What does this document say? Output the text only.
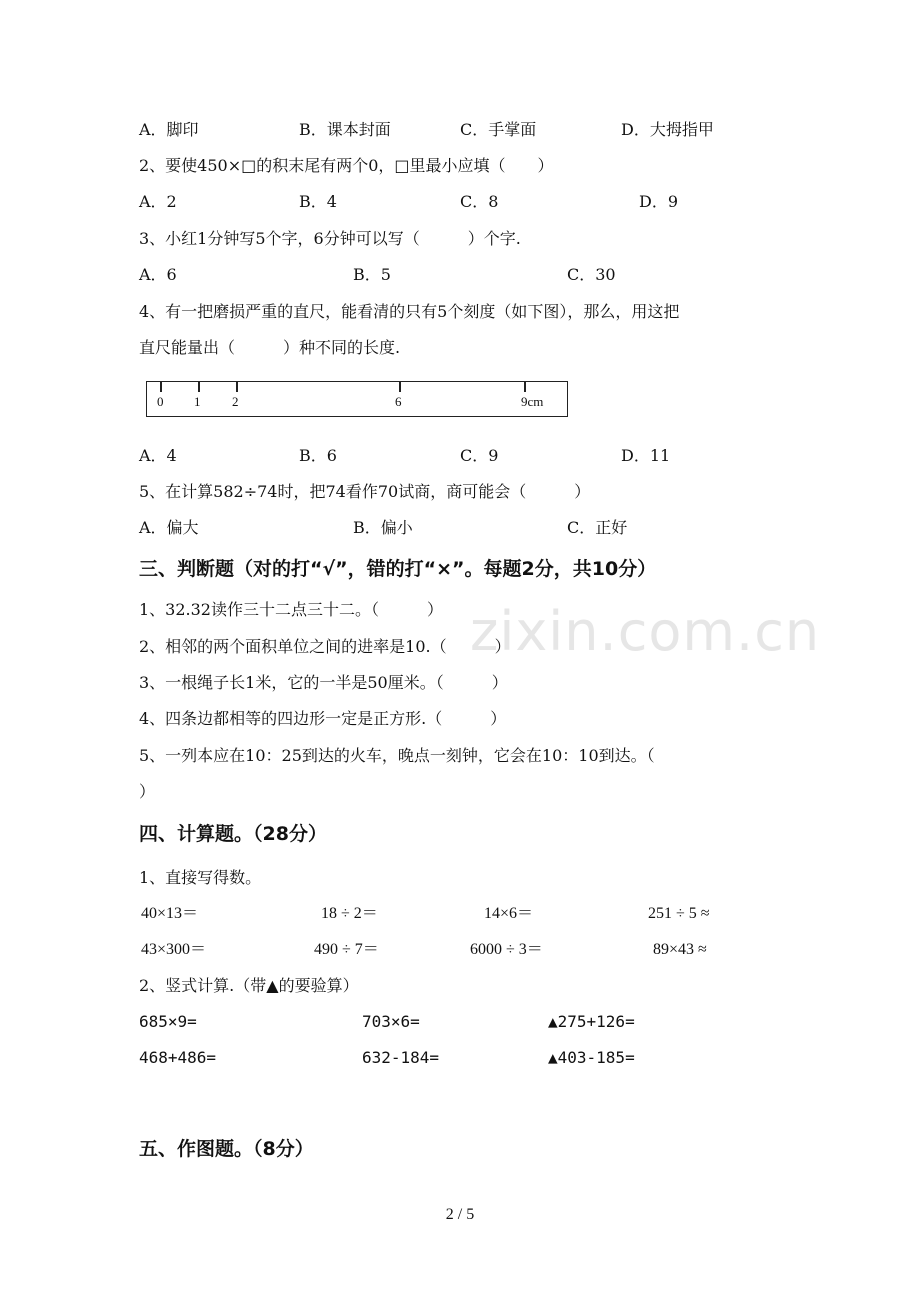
zixin.com.cn
A．脚印	B．课本封面	C．手掌面	D．大拇指甲
2、要使450×□的积末尾有两个0，□里最小应填（　　）
A．2	B．4	C．8	D．9
3、小红1分钟写5个字，6分钟可以写（　　　）个字.
A．6	B．5	C．30
4、有一把磨损严重的直尺，能看清的只有5个刻度（如下图），那么，用这把
直尺能量出（　　　）种不同的长度.
0 1 2	6	9cm
A．4	B．6	C．9	D．11
5、在计算582÷74时，把74看作70试商，商可能会（　　　）
A．偏大	B．偏小	C．正好
三、判断题（对的打“√”，错的打“×”。每题2分，共10分）
1、32.32读作三十二点三十二。（　　　）
2、相邻的两个面积单位之间的进率是10.（　　　）
3、一根绳子长1米，它的一半是50厘米。（　　　）
4、四条边都相等的四边形一定是正方形.（　　　）
5、一列本应在10：25到达的火车，晚点一刻钟，它会在10：10到达。（
）
四、计算题。（28分）
1、直接写得数。
40×13＝	18 ÷ 2＝	14×6＝	251 ÷ 5 ≈
43×300＝	490 ÷ 7＝	6000 ÷ 3＝	89×43 ≈
2、竖式计算.（带▲的要验算）
685×9=	703×6=	▲275+126=
468+486=	632-184=	▲403-185=
五、作图题。（8分）
2 / 5
